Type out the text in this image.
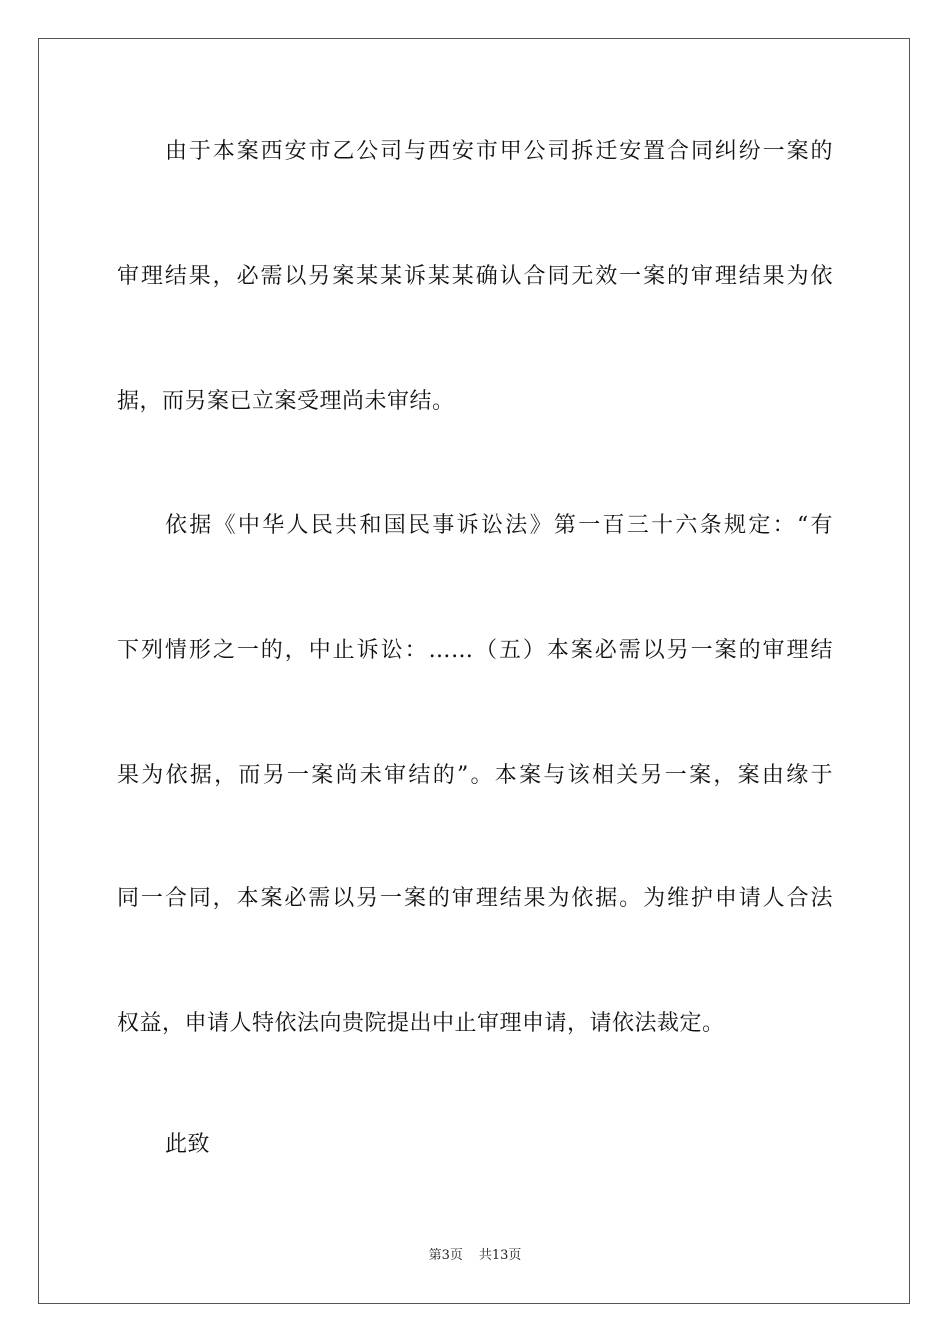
由于本案西安市乙公司与西安市甲公司拆迁安置合同纠纷一案的
审理结果，必需以另案某某诉某某确认合同无效一案的审理结果为依
据，而另案已立案受理尚未审结。
依据《中华人民共和国民事诉讼法》第一百三十六条规定：“有
下列情形之一的，中止诉讼：……（五）本案必需以另一案的审理结
果为依据，而另一案尚未审结的”。本案与该相关另一案，案由缘于
同一合同，本案必需以另一案的审理结果为依据。为维护申请人合法
权益，申请人特依法向贵院提出中止审理申请，请依法裁定。
此致
第3页 共13页
